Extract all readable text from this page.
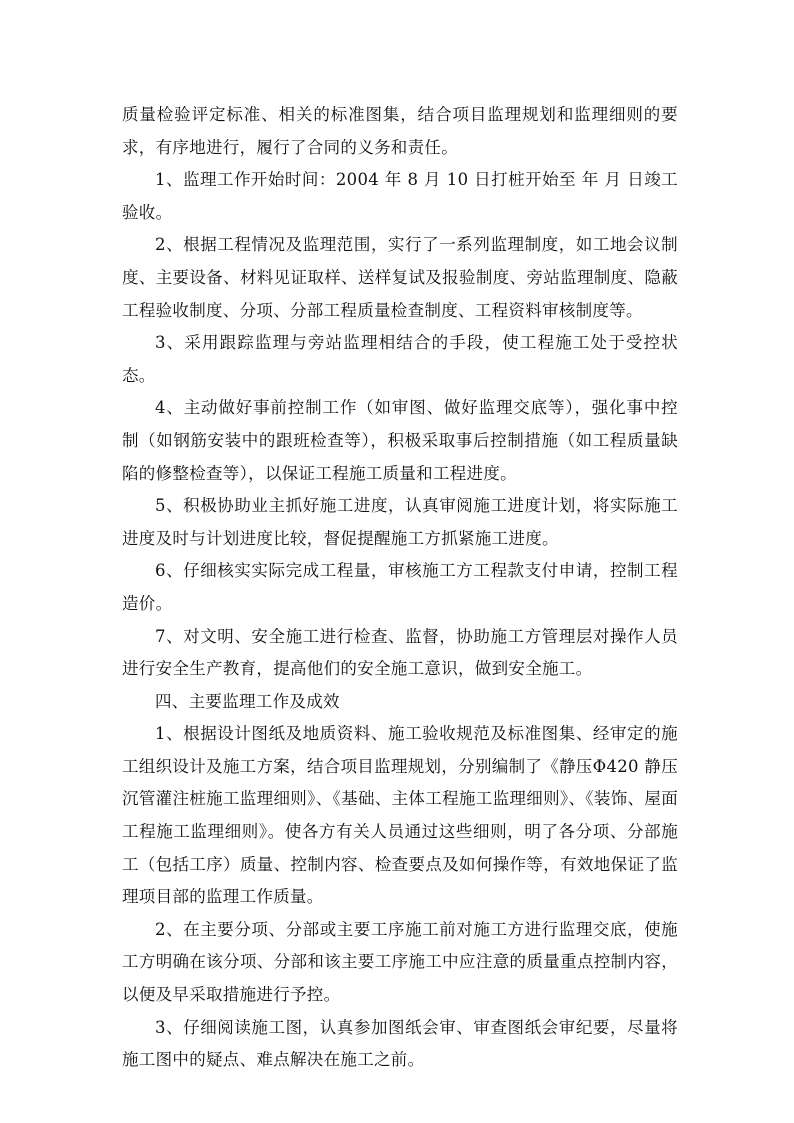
质量检验评定标准、相关的标准图集，结合项目监理规划和监理细则的要求，有序地进行，履行了合同的义务和责任。

1、监理工作开始时间：2004 年 8 月 10 日打桩开始至 年 月 日竣工验收。

2、根据工程情况及监理范围，实行了一系列监理制度，如工地会议制度、主要设备、材料见证取样、送样复试及报验制度、旁站监理制度、隐蔽工程验收制度、分项、分部工程质量检查制度、工程资料审核制度等。

3、采用跟踪监理与旁站监理相结合的手段，使工程施工处于受控状态。

4、主动做好事前控制工作（如审图、做好监理交底等），强化事中控制（如钢筋安装中的跟班检查等），积极采取事后控制措施（如工程质量缺陷的修整检查等），以保证工程施工质量和工程进度。

5、积极协助业主抓好施工进度，认真审阅施工进度计划，将实际施工进度及时与计划进度比较，督促提醒施工方抓紧施工进度。

6、仔细核实实际完成工程量，审核施工方工程款支付申请，控制工程造价。

7、对文明、安全施工进行检查、监督，协助施工方管理层对操作人员进行安全生产教育，提高他们的安全施工意识，做到安全施工。

四、主要监理工作及成效

1、根据设计图纸及地质资料、施工验收规范及标准图集、经审定的施工组织设计及施工方案，结合项目监理规划，分别编制了《静压Φ420 静压沉管灌注桩施工监理细则》、《基础、主体工程施工监理细则》、《装饰、屋面工程施工监理细则》。使各方有关人员通过这些细则，明了各分项、分部施工（包括工序）质量、控制内容、检查要点及如何操作等，有效地保证了监理项目部的监理工作质量。

2、在主要分项、分部或主要工序施工前对施工方进行监理交底，使施工方明确在该分项、分部和该主要工序施工中应注意的质量重点控制内容，以便及早采取措施进行予控。

3、仔细阅读施工图，认真参加图纸会审、审查图纸会审纪要，尽量将施工图中的疑点、难点解决在施工之前。
